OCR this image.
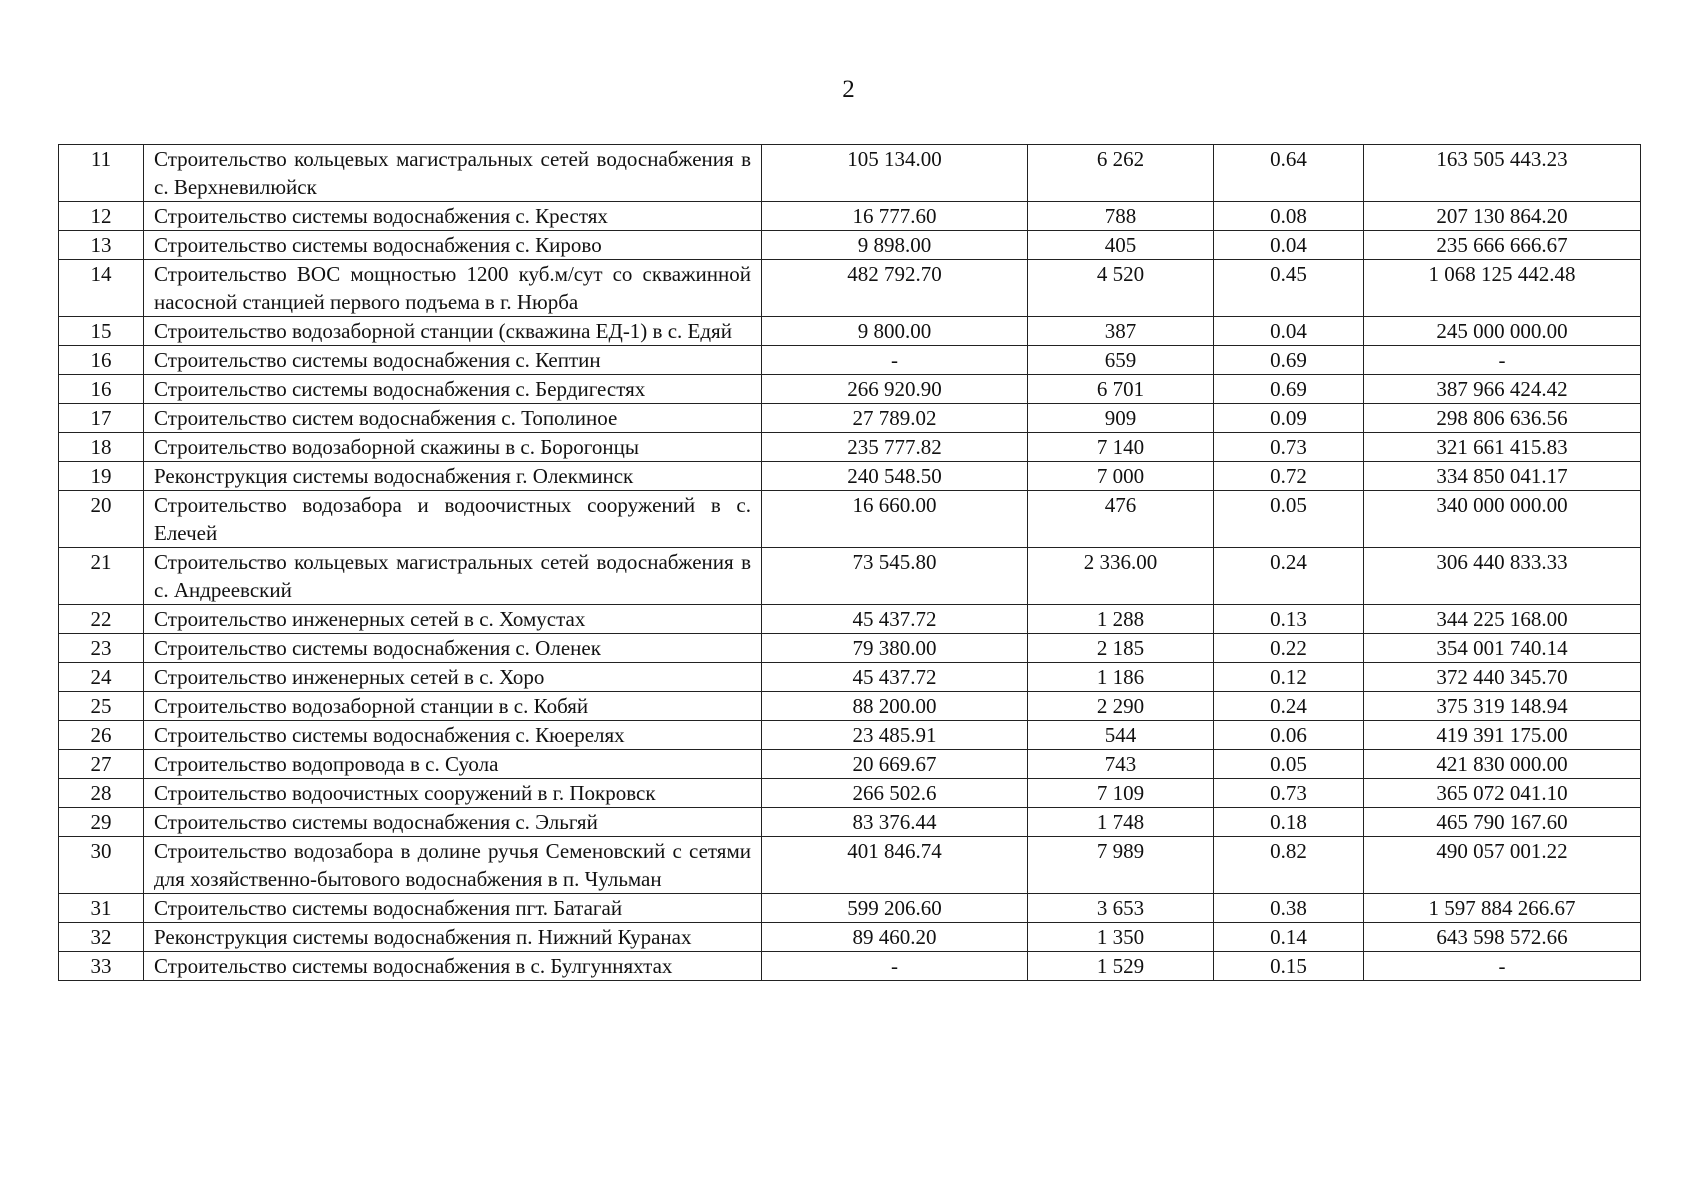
2
11	Строительство кольцевых магистральных сетей водоснабжения в с. Верхневилюйск	105 134.00	6 262	0.64	163 505 443.23
12	Строительство системы водоснабжения с. Крестях	16 777.60	788	0.08	207 130 864.20
13	Строительство системы водоснабжения с. Кирово	9 898.00	405	0.04	235 666 666.67
14	Строительство ВОС мощностью 1200 куб.м/сут со скважинной насосной станцией первого подъема в г. Нюрба	482 792.70	4 520	0.45	1 068 125 442.48
15	Строительство водозаборной станции (скважина ЕД-1) в с. Едяй	9 800.00	387	0.04	245 000 000.00
16	Строительство системы водоснабжения с. Кептин	-	659	0.69	-
16	Строительство системы водоснабжения с. Бердигестях	266 920.90	6 701	0.69	387 966 424.42
17	Строительство систем водоснабжения с. Тополиное	27 789.02	909	0.09	298 806 636.56
18	Строительство водозаборной скажины в с. Борогонцы	235 777.82	7 140	0.73	321 661 415.83
19	Реконструкция системы водоснабжения г. Олекминск	240 548.50	7 000	0.72	334 850 041.17
20	Строительство водозабора и водоочистных сооружений в с. Елечей	16 660.00	476	0.05	340 000 000.00
21	Строительство кольцевых магистральных сетей водоснабжения в с. Андреевский	73 545.80	2 336.00	0.24	306 440 833.33
22	Строительство инженерных сетей в с. Хомустах	45 437.72	1 288	0.13	344 225 168.00
23	Строительство системы водоснабжения с. Оленек	79 380.00	2 185	0.22	354 001 740.14
24	Строительство инженерных сетей в с. Хоро	45 437.72	1 186	0.12	372 440 345.70
25	Строительство водозаборной станции в с. Кобяй	88 200.00	2 290	0.24	375 319 148.94
26	Строительство системы водоснабжения с. Кюерелях	23 485.91	544	0.06	419 391 175.00
27	Строительство водопровода в с. Суола	20 669.67	743	0.05	421 830 000.00
28	Строительство водоочистных сооружений в г. Покровск	266 502.6	7 109	0.73	365 072 041.10
29	Строительство системы водоснабжения с. Эльгяй	83 376.44	1 748	0.18	465 790 167.60
30	Строительство водозабора в долине ручья Семеновский с сетями для хозяйственно-бытового водоснабжения в п. Чульман	401 846.74	7 989	0.82	490 057 001.22
31	Строительство системы водоснабжения пгт. Батагай	599 206.60	3 653	0.38	1 597 884 266.67
32	Реконструкция системы водоснабжения п. Нижний Куранах	89 460.20	1 350	0.14	643 598 572.66
33	Строительство системы водоснабжения в с. Булгунняхтах	-	1 529	0.15	-
